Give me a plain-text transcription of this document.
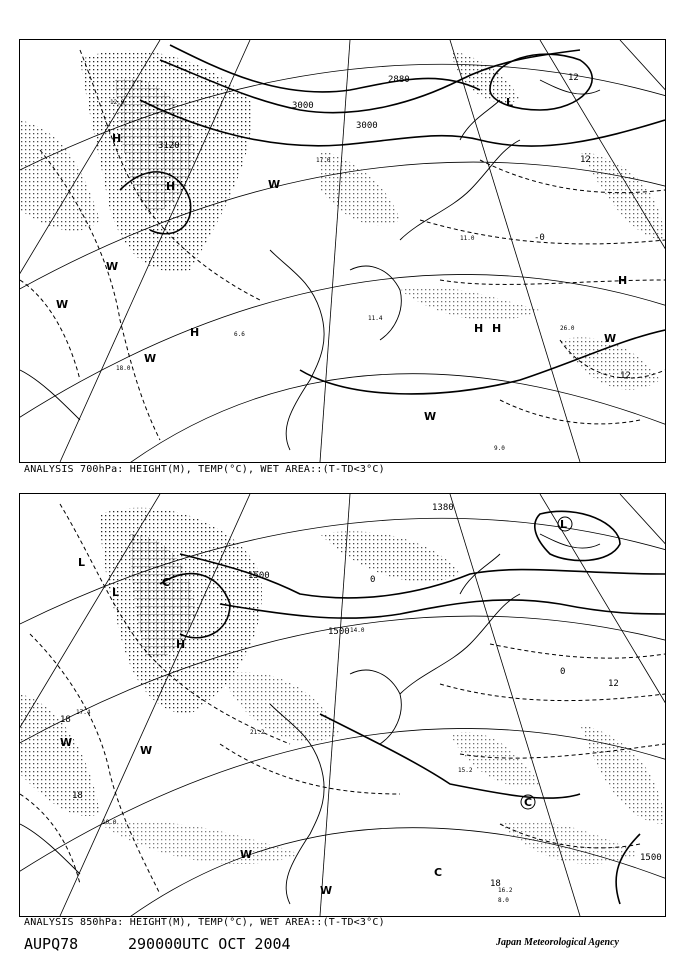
3120
3000
3000
2880
12
12
12
-0
H
H
H
L
H
H
H
W
W
W
W
W
W
12.9
17.0
11.0
6.6
11.4
26.0
18.0
9.0
ANALYSIS 700hPa: HEIGHT(M), TEMP(°C), WET AREA::(T-TD<3°C)
1500
1500
1500
1380
18
18
18
12
0
0
L
L
H
L
C
C
C
W
W
W
W
17.4
15.2
16.2
8.0
14.0
21.2
10.0
ANALYSIS 850hPa: HEIGHT(M), TEMP(°C), WET AREA::(T-TD<3°C)
AUPQ78	290000UTC OCT 2004	Japan Meteorological Agency
